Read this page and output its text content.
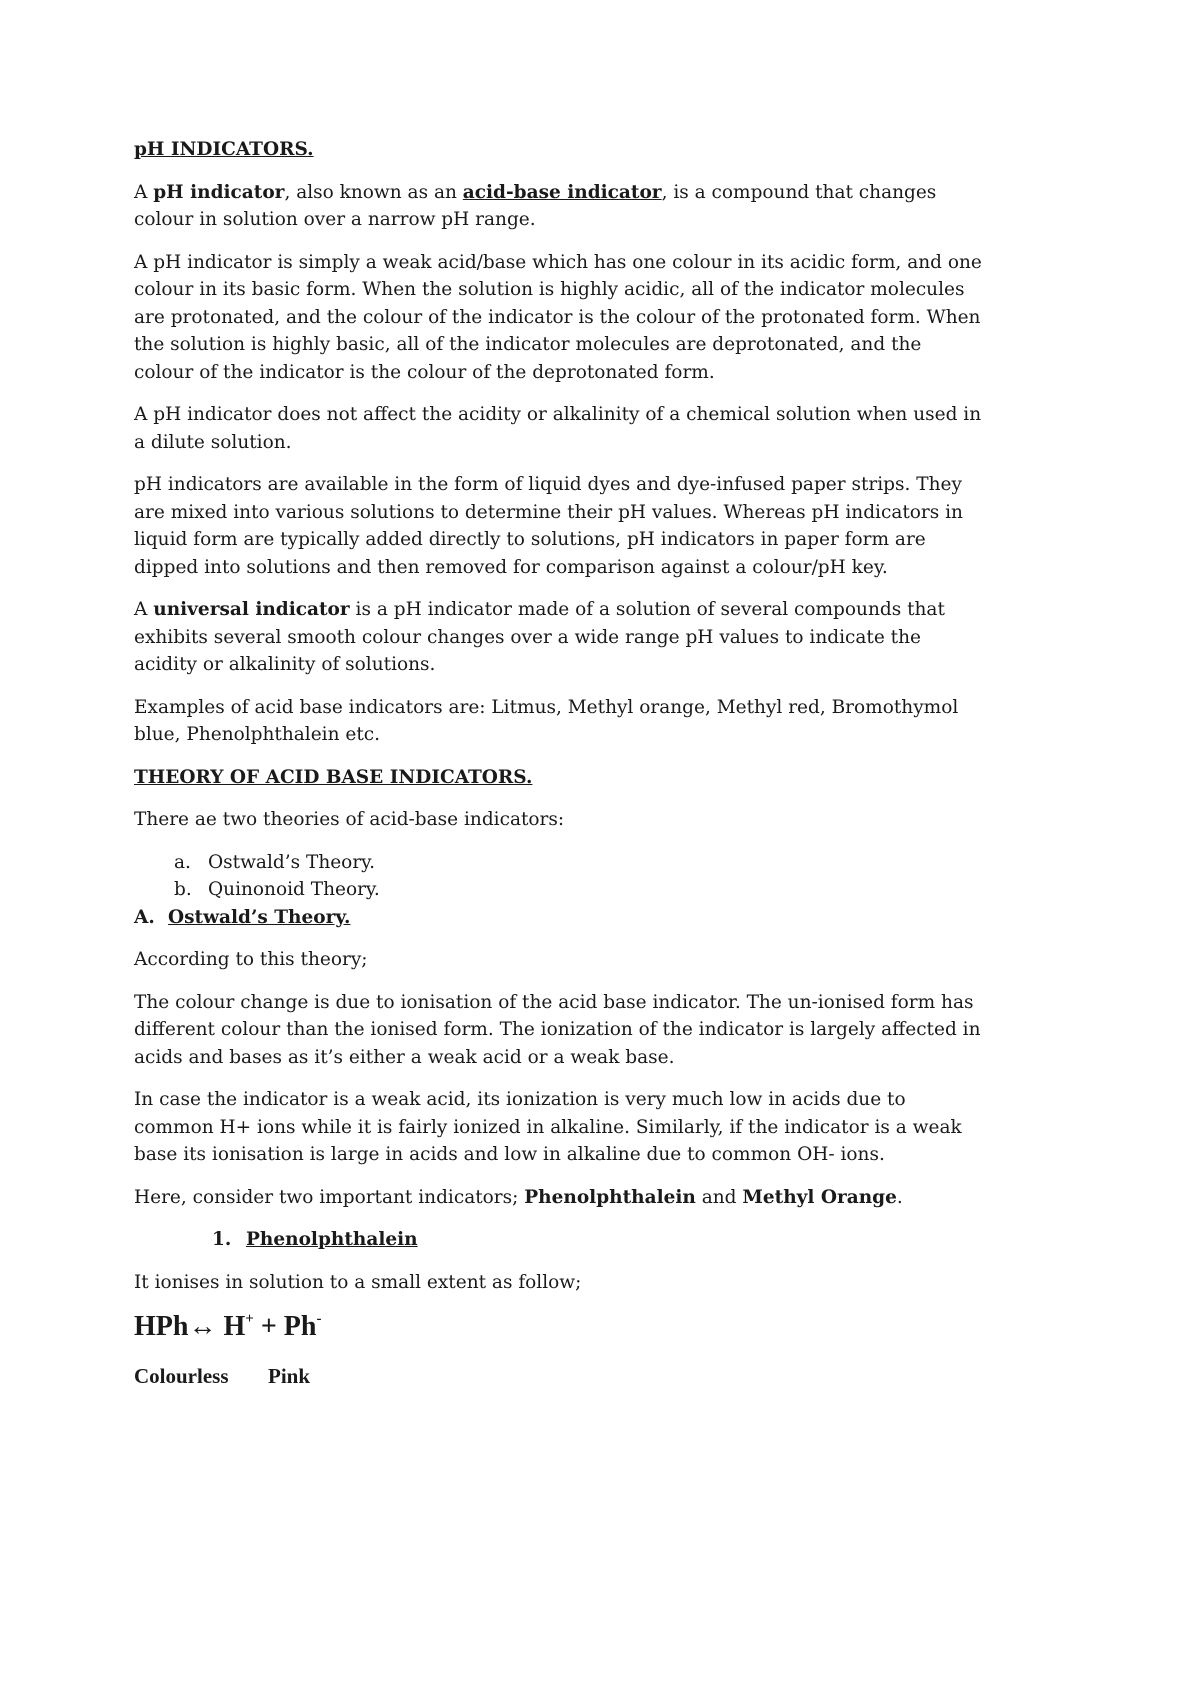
pH INDICATORS.

A pH indicator, also known as an acid-base indicator, is a compound that changes colour in solution over a narrow pH range.

A pH indicator is simply a weak acid/base which has one colour in its acidic form, and one colour in its basic form. When the solution is highly acidic, all of the indicator molecules are protonated, and the colour of the indicator is the colour of the protonated form. When the solution is highly basic, all of the indicator molecules are deprotonated, and the colour of the indicator is the colour of the deprotonated form.

A pH indicator does not affect the acidity or alkalinity of a chemical solution when used in a dilute solution.

pH indicators are available in the form of liquid dyes and dye-infused paper strips. They are mixed into various solutions to determine their pH values. Whereas pH indicators in liquid form are typically added directly to solutions, pH indicators in paper form are dipped into solutions and then removed for comparison against a colour/pH key.

A universal indicator is a pH indicator made of a solution of several compounds that exhibits several smooth colour changes over a wide range pH values to indicate the acidity or alkalinity of solutions.

Examples of acid base indicators are: Litmus, Methyl orange, Methyl red, Bromothymol blue, Phenolphthalein etc.

THEORY OF ACID BASE INDICATORS.

There ae two theories of acid-base indicators:

a. Ostwald’s Theory.
b. Quinonoid Theory.
A. Ostwald’s Theory.

According to this theory;

The colour change is due to ionisation of the acid base indicator. The un-ionised form has different colour than the ionised form. The ionization of the indicator is largely affected in acids and bases as it’s either a weak acid or a weak base.

In case the indicator is a weak acid, its ionization is very much low in acids due to common H+ ions while it is fairly ionized in alkaline. Similarly, if the indicator is a weak base its ionisation is large in acids and low in alkaline due to common OH- ions.

Here, consider two important indicators; Phenolphthalein and Methyl Orange.

1. Phenolphthalein

It ionises in solution to a small extent as follow;

HPh↔ H+ + Ph-
Colourless Pink
